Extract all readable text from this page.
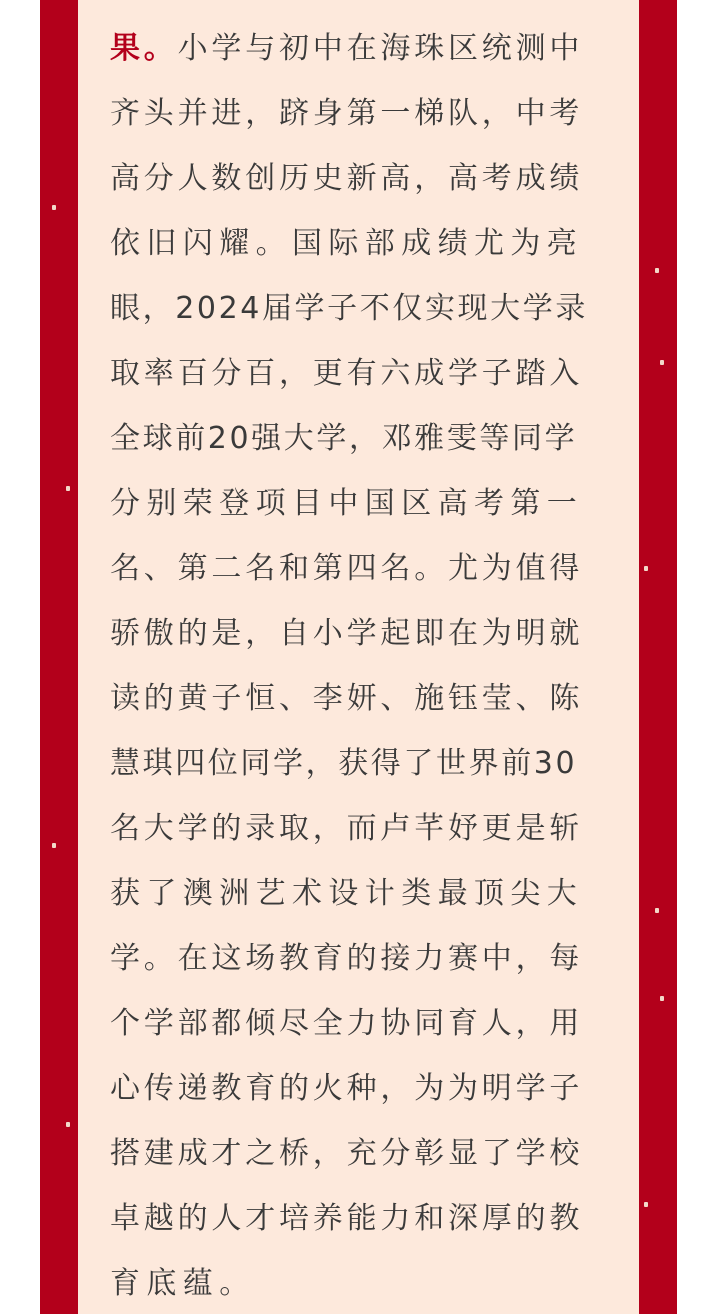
果。小学与初中在海珠区统测中
齐头并进，跻身第一梯队，中考
高分人数创历史新高，高考成绩
依旧闪耀。国际部成绩尤为亮
眼，2024届学子不仅实现大学录
取率百分百，更有六成学子踏入
全球前20强大学，邓雅雯等同学
分别荣登项目中国区高考第一
名、第二名和第四名。尤为值得
骄傲的是，自小学起即在为明就
读的黄子恒、李妍、施钰莹、陈
慧琪四位同学，获得了世界前30
名大学的录取，而卢芊妤更是斩
获了澳洲艺术设计类最顶尖大
学。在这场教育的接力赛中，每
个学部都倾尽全力协同育人，用
心传递教育的火种，为为明学子
搭建成才之桥，充分彰显了学校
卓越的人才培养能力和深厚的教
育底蕴。
